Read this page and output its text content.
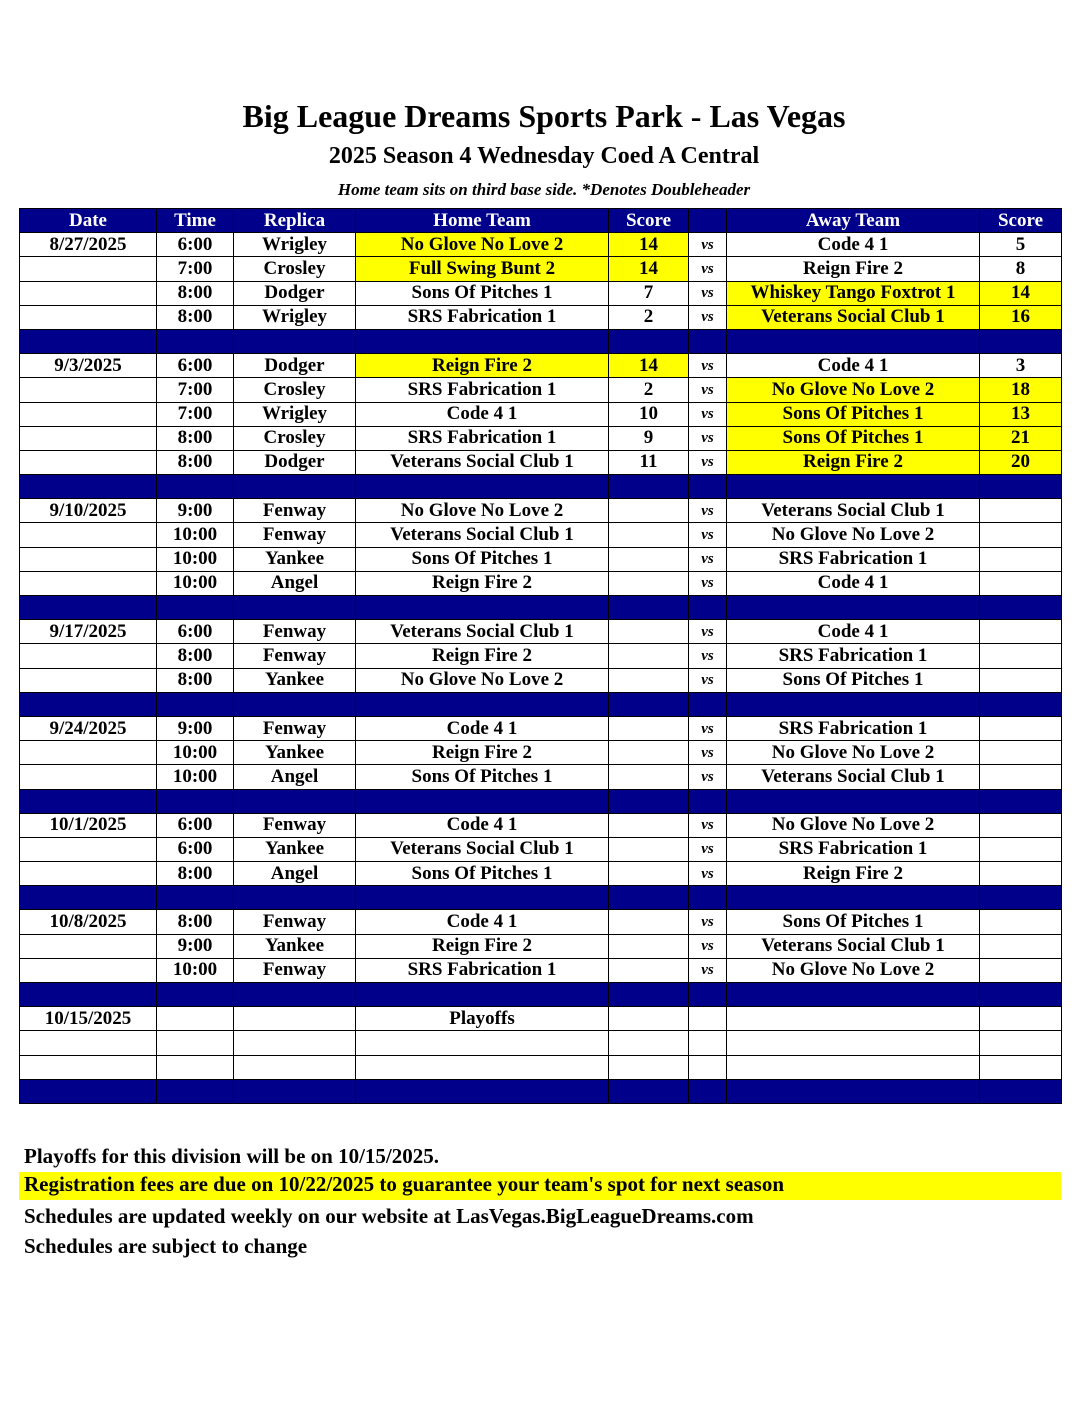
Big League Dreams Sports Park - Las Vegas
2025 Season 4 Wednesday Coed A Central
Home team sits on third base side. *Denotes Doubleheader
Date	Time	Replica	Home Team	Score		Away Team	Score
8/27/2025	6:00	Wrigley	No Glove No Love 2	14	vs	Code 4 1	5
	7:00	Crosley	Full Swing Bunt 2	14	vs	Reign Fire 2	8
	8:00	Dodger	Sons Of Pitches 1	7	vs	Whiskey Tango Foxtrot 1	14
	8:00	Wrigley	SRS Fabrication 1	2	vs	Veterans Social Club 1	16

9/3/2025	6:00	Dodger	Reign Fire 2	14	vs	Code 4 1	3
	7:00	Crosley	SRS Fabrication 1	2	vs	No Glove No Love 2	18
	7:00	Wrigley	Code 4 1	10	vs	Sons Of Pitches 1	13
	8:00	Crosley	SRS Fabrication 1	9	vs	Sons Of Pitches 1	21
	8:00	Dodger	Veterans Social Club 1	11	vs	Reign Fire 2	20

9/10/2025	9:00	Fenway	No Glove No Love 2		vs	Veterans Social Club 1	
	10:00	Fenway	Veterans Social Club 1		vs	No Glove No Love 2	
	10:00	Yankee	Sons Of Pitches 1		vs	SRS Fabrication 1	
	10:00	Angel	Reign Fire 2		vs	Code 4 1	

9/17/2025	6:00	Fenway	Veterans Social Club 1		vs	Code 4 1	
	8:00	Fenway	Reign Fire 2		vs	SRS Fabrication 1	
	8:00	Yankee	No Glove No Love 2		vs	Sons Of Pitches 1	

9/24/2025	9:00	Fenway	Code 4 1		vs	SRS Fabrication 1	
	10:00	Yankee	Reign Fire 2		vs	No Glove No Love 2	
	10:00	Angel	Sons Of Pitches 1		vs	Veterans Social Club 1	

10/1/2025	6:00	Fenway	Code 4 1		vs	No Glove No Love 2	
	6:00	Yankee	Veterans Social Club 1		vs	SRS Fabrication 1	
	8:00	Angel	Sons Of Pitches 1		vs	Reign Fire 2	

10/8/2025	8:00	Fenway	Code 4 1		vs	Sons Of Pitches 1	
	9:00	Yankee	Reign Fire 2		vs	Veterans Social Club 1	
	10:00	Fenway	SRS Fabrication 1		vs	No Glove No Love 2	

10/15/2025			Playoffs				

Playoffs for this division will be on 10/15/2025.
Registration fees are due on 10/22/2025 to guarantee your team's spot for next season
Schedules are updated weekly on our website at LasVegas.BigLeagueDreams.com
Schedules are subject to change
